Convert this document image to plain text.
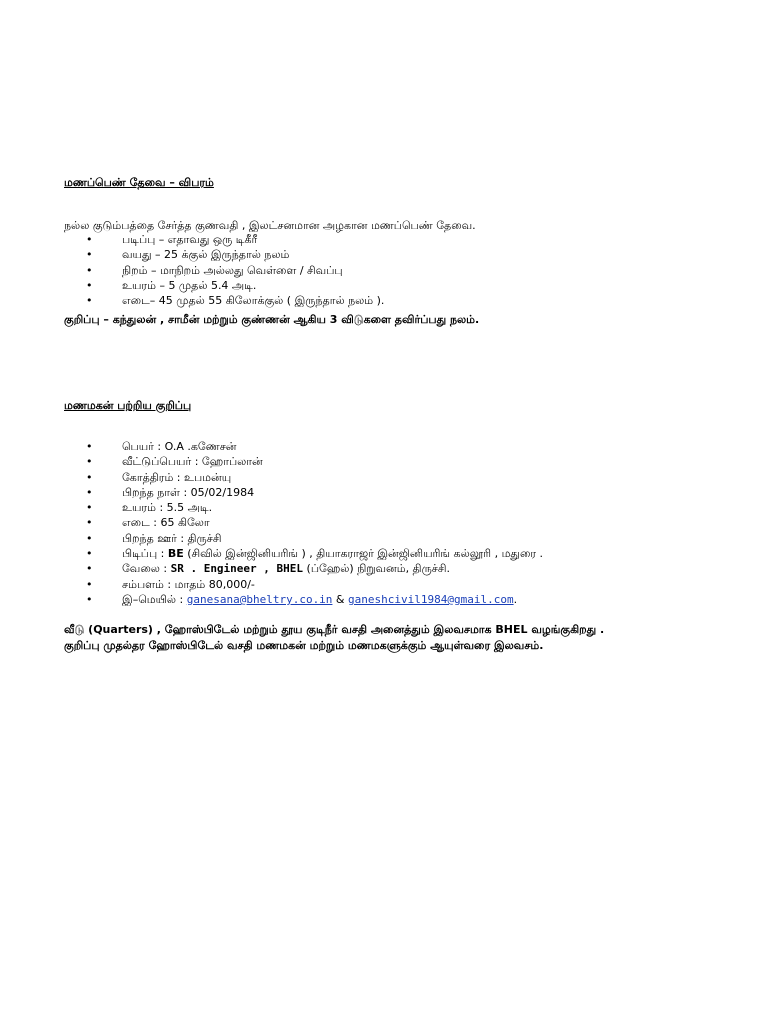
மணப்பெண் தேவை – விபரம்
நல்ல குடும்பத்தை சேர்த்த குணவதி , இலட்சனமான அழகான மணப்பெண் தேவை.
•	படிப்பு – எதாவது ஒரு டிகீரீ
•	வயது – 25 க்குல் இருந்தால் நலம்
•	நிறம் – மாநிறம் அல்லது வெள்ளை / சிவப்பு
•	உயரம் – 5 முதல் 5.4 அடி.
•	எடை– 45 முதல் 55 கிலோக்குல் ( இருந்தால் நலம் ).
குறிப்பு – கந்துலன் , சாமீன் மற்றும் குண்ணன் ஆகிய 3 விடுகளை தவிர்ப்பது நலம்.
மணமகன் பற்றிய குறிப்பு
•	பெயர் : O.A .கணேசன்
•	வீட்டுப்பெயர் : ஹோப்லான்
•	கோத்திரம் : உபமன்யு
•	பிறந்த நாள் : 05/02/1984
•	உயரம் : 5.5 அடி.
•	எடை : 65 கிலோ
•	பிறந்த ஊர் : திருச்சி
•	பிடிப்பு : BE (சிவில் இன்ஜினியரிங் ) , தியாகராஜர் இன்ஜினியரிங் கல்லூரி , மதுரை .
•	வேலை : SR . Engineer , BHEL (ப்ஹேல்) நிறுவனம், திருச்சி.
•	சம்பளம் : மாதம் 80,000/-
•	இ–மெயில் : ganesana@bheltry.co.in & ganeshcivil1984@gmail.com.
வீடு (Quarters) , ஹோஸ்பிடேல் மற்றும் தூய குடிநீர் வசதி அனைத்தும் இலவசமாக BHEL வழங்குகிறது .
குறிப்பு முதல்தர ஹோஸ்பிடேல் வசதி மணமகன் மற்றும் மணமகளுக்கும் ஆயுள்வரை இலவசம்.
